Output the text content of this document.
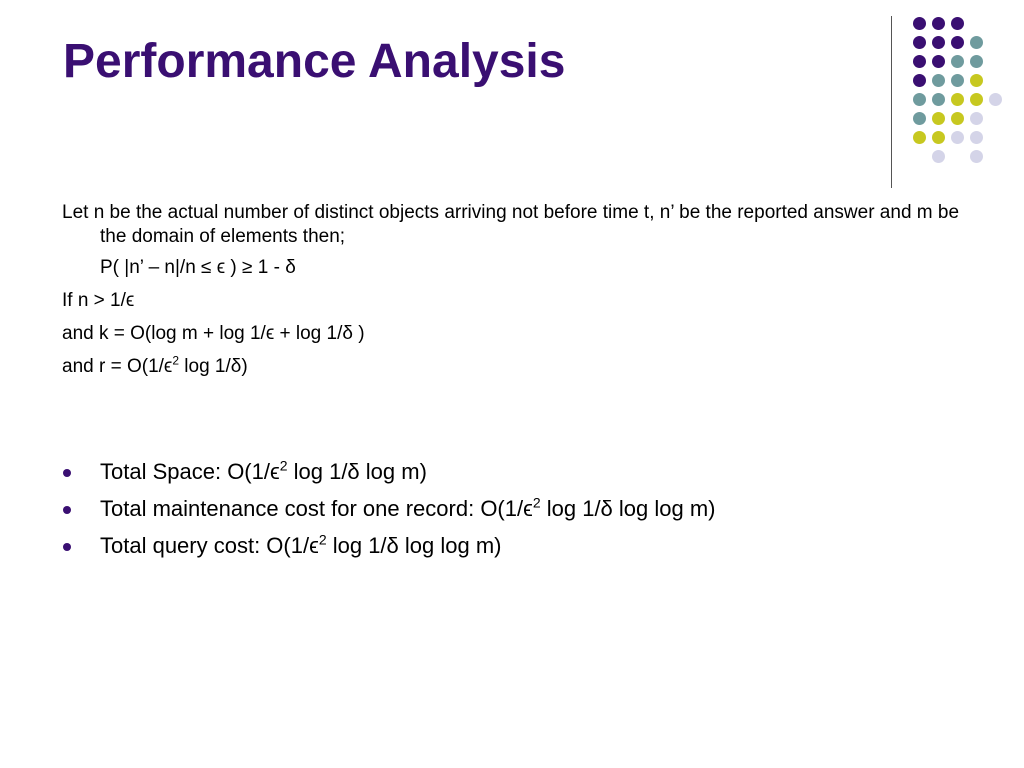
Performance Analysis

Let n be the actual number of distinct objects arriving not before time t, n’ be the reported answer and m be the domain of elements then;

P( |n’ – n|/n ≤ ϵ ) ≥ 1 - δ

If n > 1/ϵ

and k = O(log m + log 1/ϵ + log 1/δ )

and $r = O(1/\epsilon^2$ log 1/δ)

Total Space: $O(1/\epsilon^2$ log 1/δ log m)
Total maintenance cost for one record: $O(1/\epsilon^2$ log 1/δ log log m)
Total query cost: $O(1/\epsilon^2$ log 1/δ log log m)
